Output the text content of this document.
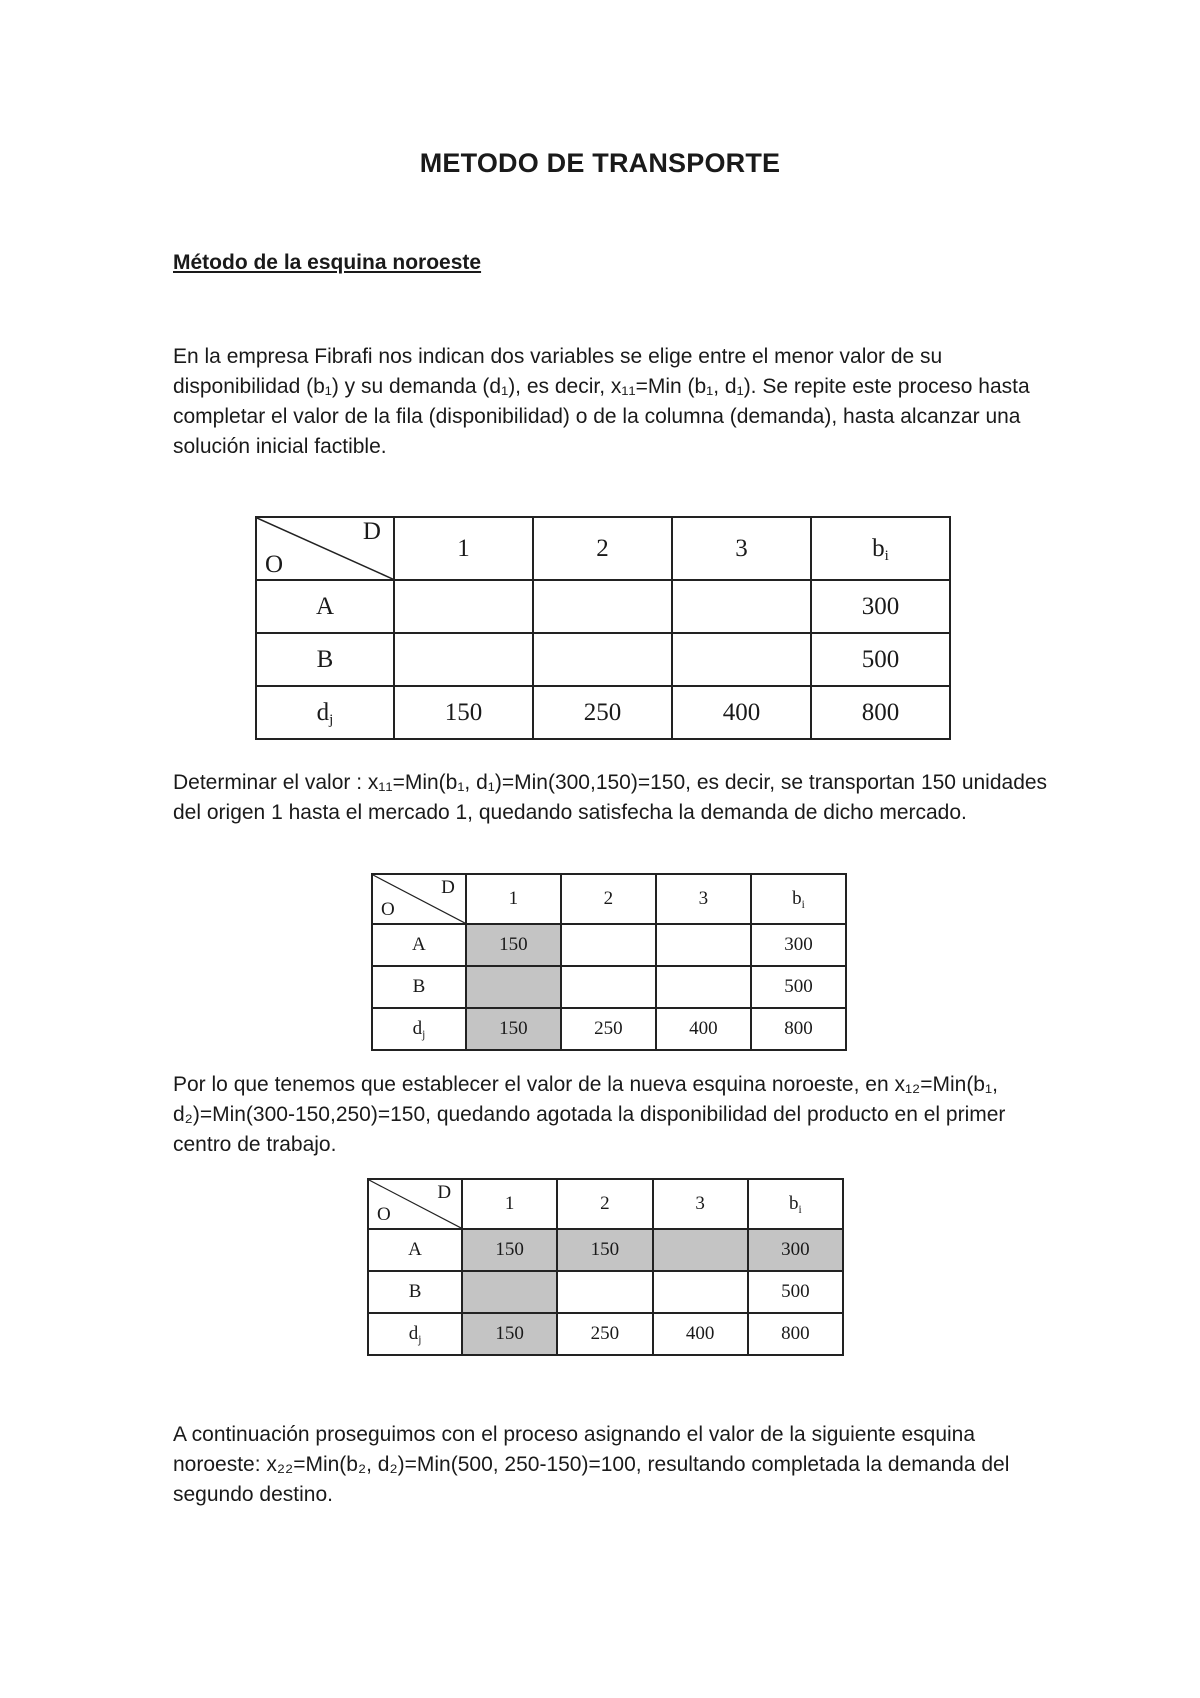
METODO DE TRANSPORTE
Método de la esquina noroeste

En la empresa Fibrafi nos indican dos variables se elige entre el menor valor de su disponibilidad (b₁) y su demanda (d₁), es decir, x₁₁=Min (b₁, d₁). Se repite este proceso hasta completar el valor de la fila (disponibilidad) o de la columna (demanda), hasta alcanzar una solución inicial factible.

D
O	1	2	3	bi
A				300
B				500
dj	150	250	400	800

Determinar el valor : x₁₁=Min(b₁, d₁)=Min(300,150)=150, es decir, se transportan 150 unidades del origen 1 hasta el mercado 1, quedando satisfecha la demanda de dicho mercado.

D
O	1	2	3	$b_i$
A	150			300
B				500
$d_j$	150	250	400	800

Por lo que tenemos que establecer el valor de la nueva esquina noroeste, en x₁₂=Min(b₁, d₂)=Min(300-150,250)=150, quedando agotada la disponibilidad del producto en el primer centro de trabajo.

D
O	1	2	3	$b_i$
A	150	150		300
B				500
$d_j$	150	250	400	800

A continuación proseguimos con el proceso asignando el valor de la siguiente esquina noroeste: x₂₂=Min(b₂, d₂)=Min(500, 250-150)=100, resultando completada la demanda del segundo destino.
